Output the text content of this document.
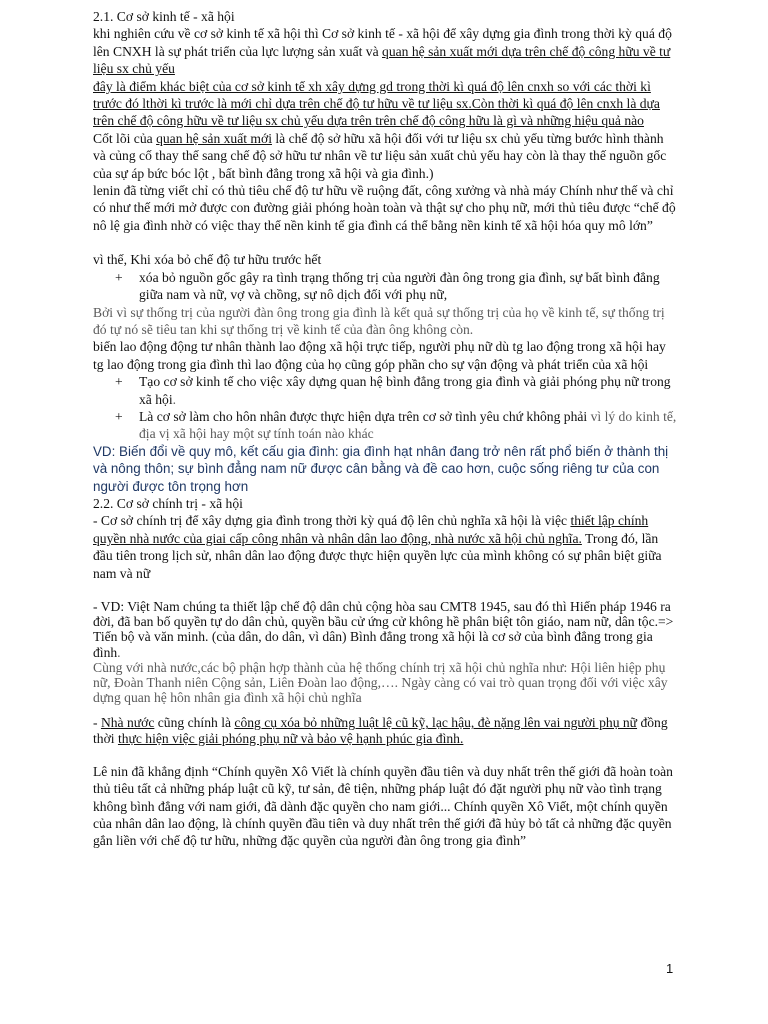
2.1. Cơ sở kinh tế - xã hội

khi nghiên cứu về cơ sở kinh tế xã hội thì Cơ sở kinh tế - xã hội để xây dựng gia đình trong thời kỳ quá độ lên CNXH là sự phát triển của lực lượng sản xuất và quan hệ sản xuất mới dựa trên chế độ công hữu về tư liệu sx chủ yếu

đây là điểm khác biệt của cơ sở kinh tế xh xây dựng gd trong thời kì quá độ lên cnxh so với các thời kì trước đó lthời kì trước là mới chỉ dựa trên chế độ tư hữu về tư liệu sx.Còn thời kì quá độ lên cnxh là dựa trên chế độ công hữu về tư liệu sx chủ yếu dựa trên trên chế độ công hữu là gì và những hiệu quả nào

Cốt lõi của quan hệ sản xuất mới là chế độ sở hữu xã hội đối với tư liệu sx chủ yếu từng bước hình thành và củng cố thay thế sang chế độ sở hữu tư nhân về tư liệu sản xuất chủ yếu hay còn là thay thế nguồn gốc của sự áp bức bóc lột , bất bình đẳng trong xã hội và gia đình.)

lenin đã từng viết chỉ có thủ tiêu chế độ tư hữu về ruộng đất, công xưởng và nhà máy Chính như thế và chỉ có như thế mới mở được con đường giải phóng hoàn toàn và thật sự cho phụ nữ, mới thủ tiêu được “chế độ nô lệ gia đình nhờ có việc thay thế nền kinh tế gia đình cá thể bằng nền kinh tế xã hội hóa quy mô lớn”

vì thế, Khi xóa bỏ chế độ tư hữu trước hết

+ xóa bỏ nguồn gốc gây ra tình trạng thống trị của người đàn ông trong gia đình, sự bất bình đẳng giữa nam và nữ, vợ và chồng, sự nô dịch đối với phụ nữ,

Bởi vì sự thống trị của người đàn ông trong gia đình là kết quả sự thống trị của họ về kinh tế, sự thống trị đó tự nó sẽ tiêu tan khi sự thống trị về kinh tế của đàn ông không còn.

biến lao động động tư nhân thành lao động xã hội trực tiếp, người phụ nữ dù tg lao động trong xã hội hay tg lao động trong gia đình thì lao động của họ cũng góp phần cho sự vận động và phát triển của xã hội

+ Tạo cơ sở kinh tế cho việc xây dựng quan hệ bình đẳng trong gia đình và giải phóng phụ nữ trong xã hội.
+ Là cơ sở làm cho hôn nhân được thực hiện dựa trên cơ sở tình yêu chứ không phải vì lý do kinh tế, địa vị xã hội hay một sự tính toán nào khác

VD: Biến đổi về quy mô, kết cấu gia đình: gia đình hạt nhân đang trở nên rất phổ biến ở thành thị và nông thôn; sự bình đẳng nam nữ được cân bằng và đề cao hơn, cuộc sống riêng tư của con người được tôn trọng hơn

2.2. Cơ sở chính trị - xã hội

- Cơ sở chính trị để xây dựng gia đình trong thời kỳ quá độ lên chủ nghĩa xã hội là việc thiết lập chính quyền nhà nước của giai cấp công nhân và nhân dân lao động, nhà nước xã hội chủ nghĩa. Trong đó, lần đầu tiên trong lịch sử, nhân dân lao động được thực hiện quyền lực của mình không có sự phân biệt giữa nam và nữ

- VD: Việt Nam chúng ta thiết lập chế độ dân chủ cộng hòa sau CMT8 1945, sau đó thì Hiến pháp 1946 ra đời, đã ban bố quyền tự do dân chủ, quyền bầu cử ứng cử không hề phân biệt tôn giáo, nam nữ, dân tộc.=> Tiến bộ và văn minh. (của dân, do dân, vì dân) Bình đẳng trong xã hội là cơ sở của bình đẳng trong gia đình.

Cùng với nhà nước,các bộ phận hợp thành của hệ thống chính trị xã hội chủ nghĩa như: Hội liên hiệp phụ nữ, Đoàn Thanh niên Cộng sản, Liên Đoàn lao động,…. Ngày càng có vai trò quan trọng đối với việc xây dựng quan hệ hôn nhân gia đình xã hội chủ nghĩa

- Nhà nước cũng chính là công cụ xóa bỏ những luật lệ cũ kỹ, lạc hậu, đè nặng lên vai người phụ nữ đồng thời thực hiện việc giải phóng phụ nữ và bảo vệ hạnh phúc gia đình.

Lê nin đã khẳng định “Chính quyền Xô Viết là chính quyền đầu tiên và duy nhất trên thế giới đã hoàn toàn thủ tiêu tất cả những pháp luật cũ kỹ, tư sản, đê tiện, những pháp luật đó đặt người phụ nữ vào tình trạng không bình đẳng với nam giới, đã dành đặc quyền cho nam giới... Chính quyền Xô Viết, một chính quyền của nhân dân lao động, là chính quyền đầu tiên và duy nhất trên thế giới đã hủy bỏ tất cả những đặc quyền gắn liền với chế độ tư hữu, những đặc quyền của người đàn ông trong gia đình”

1
